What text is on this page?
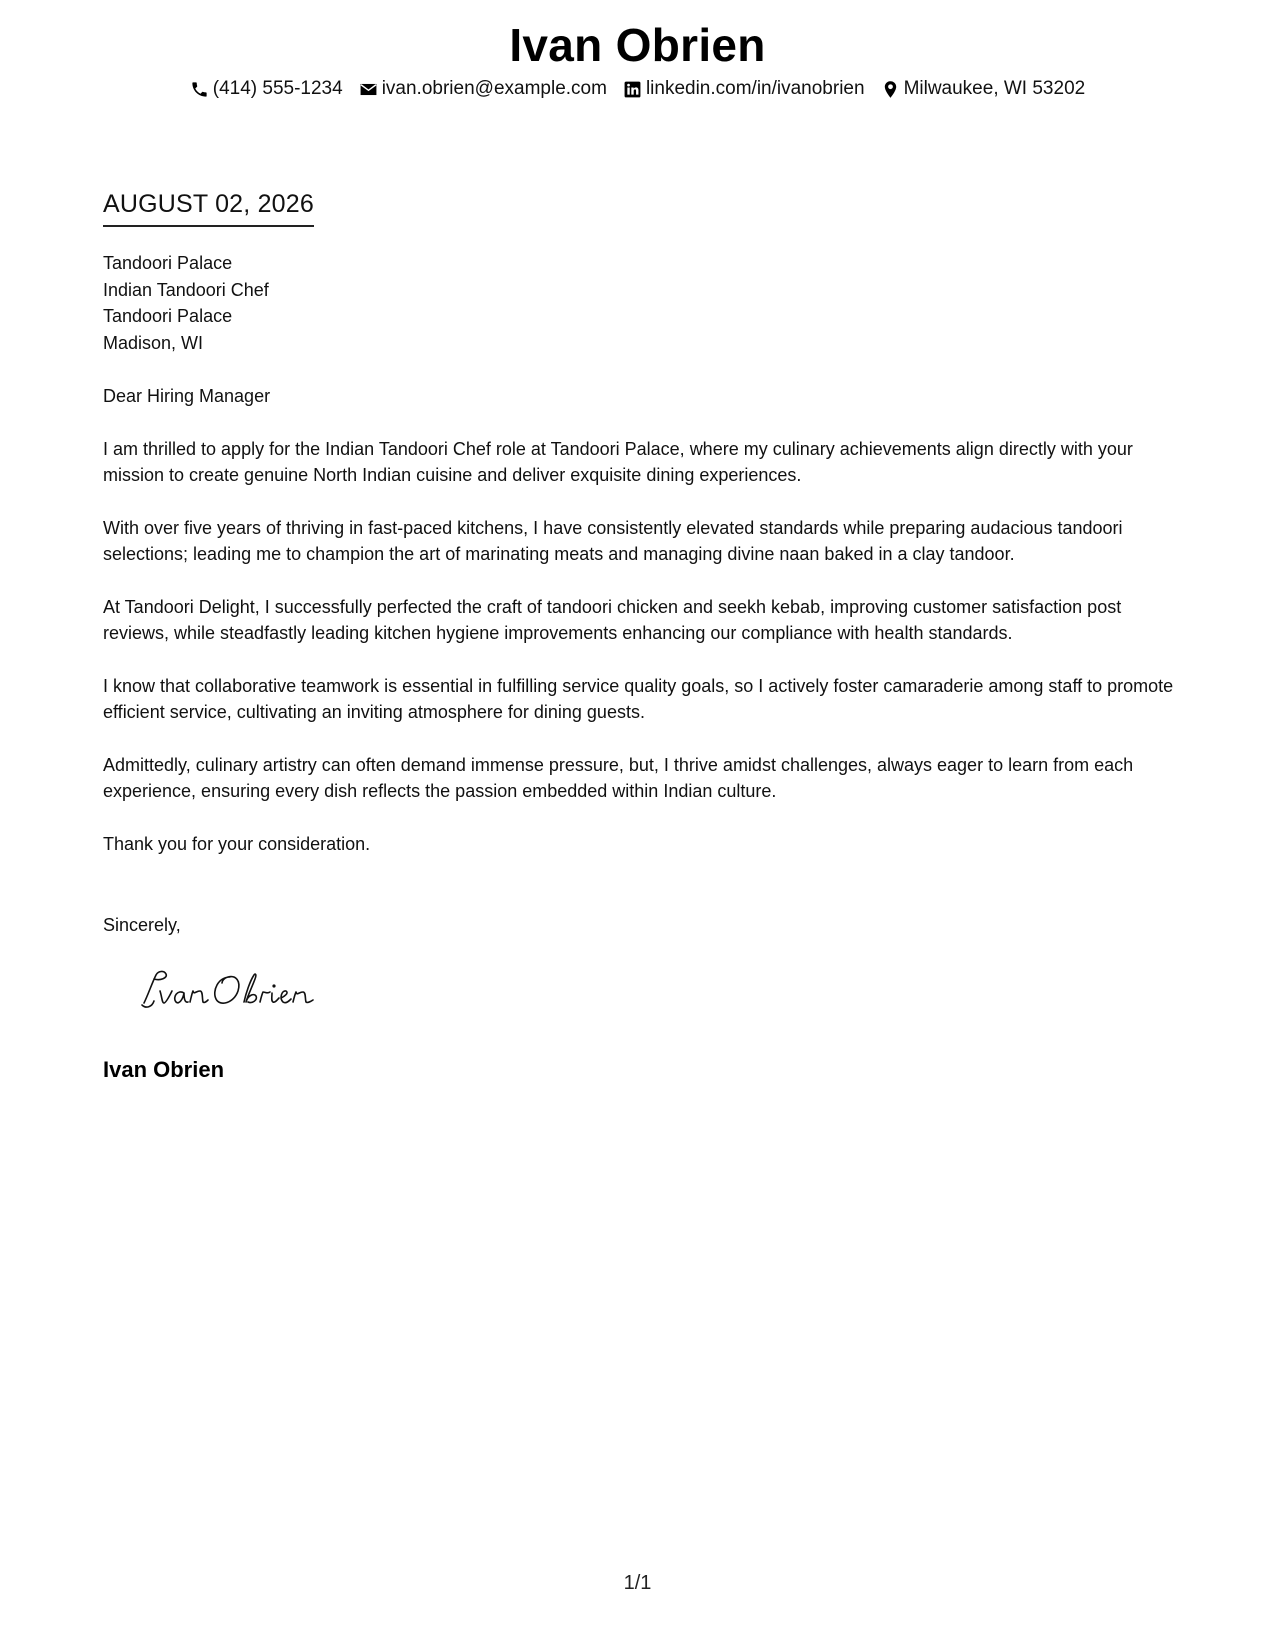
Ivan Obrien
(414) 555-1234 ivan.obrien@example.com linkedin.com/in/ivanobrien Milwaukee, WI 53202
AUGUST 02, 2026
Tandoori Palace
Indian Tandoori Chef
Tandoori Palace
Madison, WI

Dear Hiring Manager

I am thrilled to apply for the Indian Tandoori Chef role at Tandoori Palace, where my culinary achievements align directly with your mission to create genuine North Indian cuisine and deliver exquisite dining experiences.

With over five years of thriving in fast-paced kitchens, I have consistently elevated standards while preparing audacious tandoori selections; leading me to champion the art of marinating meats and managing divine naan baked in a clay tandoor.

At Tandoori Delight, I successfully perfected the craft of tandoori chicken and seekh kebab, improving customer satisfaction post reviews, while steadfastly leading kitchen hygiene improvements enhancing our compliance with health standards.

I know that collaborative teamwork is essential in fulfilling service quality goals, so I actively foster camaraderie among staff to promote efficient service, cultivating an inviting atmosphere for dining guests.

Admittedly, culinary artistry can often demand immense pressure, but, I thrive amidst challenges, always eager to learn from each experience, ensuring every dish reflects the passion embedded within Indian culture.

Thank you for your consideration.

Sincerely,
Ivan Obrien
1/1
